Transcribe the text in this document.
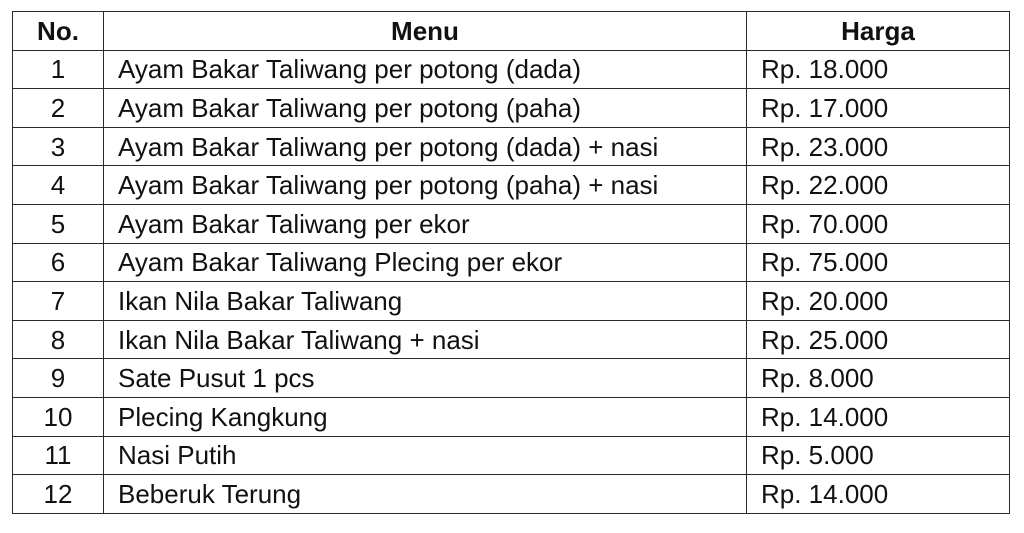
No.	Menu	Harga
1	Ayam Bakar Taliwang per potong (dada)	Rp. 18.000
2	Ayam Bakar Taliwang per potong (paha)	Rp. 17.000
3	Ayam Bakar Taliwang per potong (dada) + nasi	Rp. 23.000
4	Ayam Bakar Taliwang per potong (paha) + nasi	Rp. 22.000
5	Ayam Bakar Taliwang per ekor	Rp. 70.000
6	Ayam Bakar Taliwang Plecing per ekor	Rp. 75.000
7	Ikan Nila Bakar Taliwang	Rp. 20.000
8	Ikan Nila Bakar Taliwang + nasi	Rp. 25.000
9	Sate Pusut 1 pcs	Rp. 8.000
10	Plecing Kangkung	Rp. 14.000
11	Nasi Putih	Rp. 5.000
12	Beberuk Terung	Rp. 14.000
